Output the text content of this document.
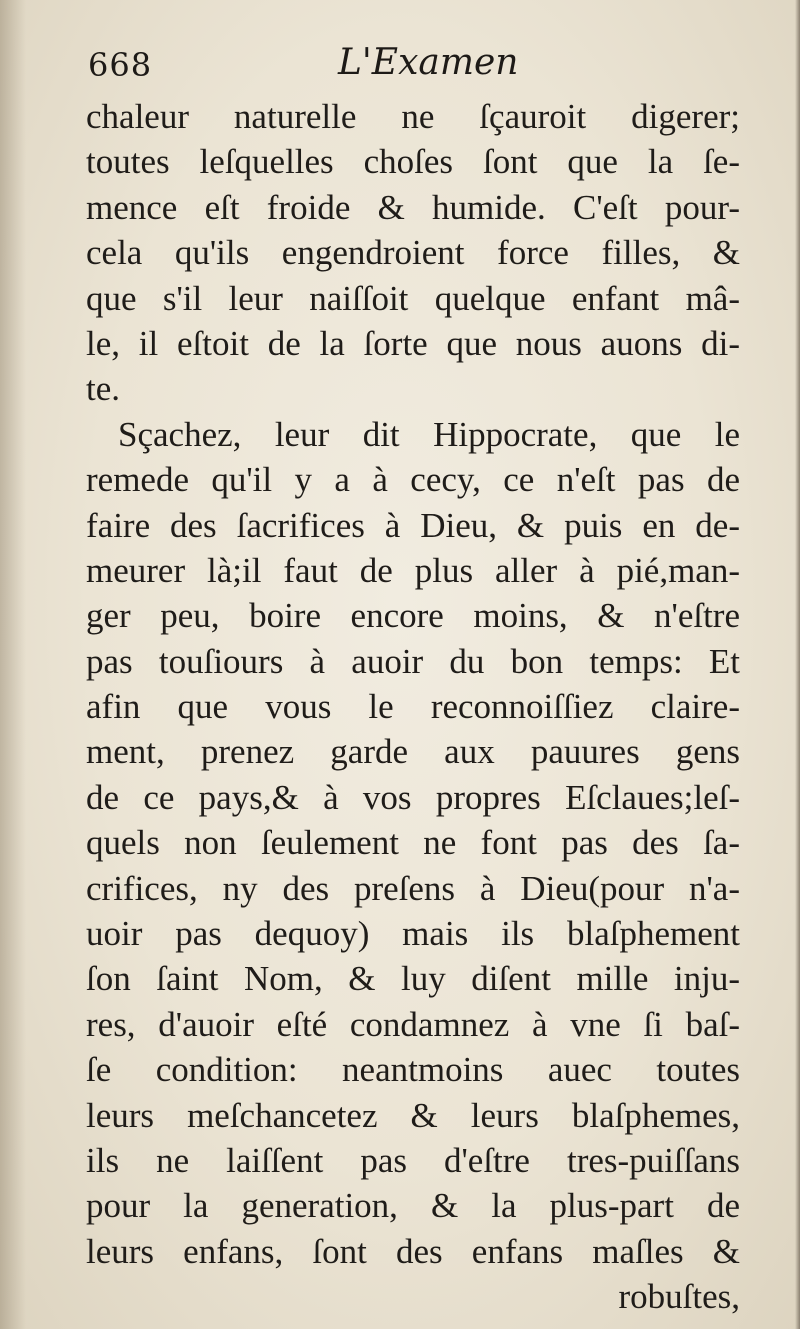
668	L'Examen
chaleur naturelle ne ſçauroit digerer;
toutes leſquelles choſes ſont que la ſe-
mence eſt froide & humide. C'eſt pour-
cela qu'ils engendroient force filles, &
que s'il leur naiſſoit quelque enfant mâ-
le, il eſtoit de la ſorte que nous auons di-
te.
Sçachez, leur dit Hippocrate, que le
remede qu'il y a à cecy, ce n'eſt pas de
faire des ſacrifices à Dieu, & puis en de-
meurer là;il faut de plus aller à pié,man-
ger peu, boire encore moins, & n'eſtre
pas touſiours à auoir du bon temps: Et
afin que vous le reconnoiſſiez claire-
ment, prenez garde aux pauures gens
de ce pays,& à vos propres Eſclaues;leſ-
quels non ſeulement ne font pas des ſa-
crifices, ny des preſens à Dieu(pour n'a-
uoir pas dequoy) mais ils blaſphement
ſon ſaint Nom, & luy diſent mille inju-
res, d'auoir eſté condamnez à vne ſi baſ-
ſe condition: neantmoins auec toutes
leurs meſchancetez & leurs blaſphemes,
ils ne laiſſent pas d'eſtre tres-puiſſans
pour la generation, & la plus-part de
leurs enfans, ſont des enfans maſles &
robuſtes,
